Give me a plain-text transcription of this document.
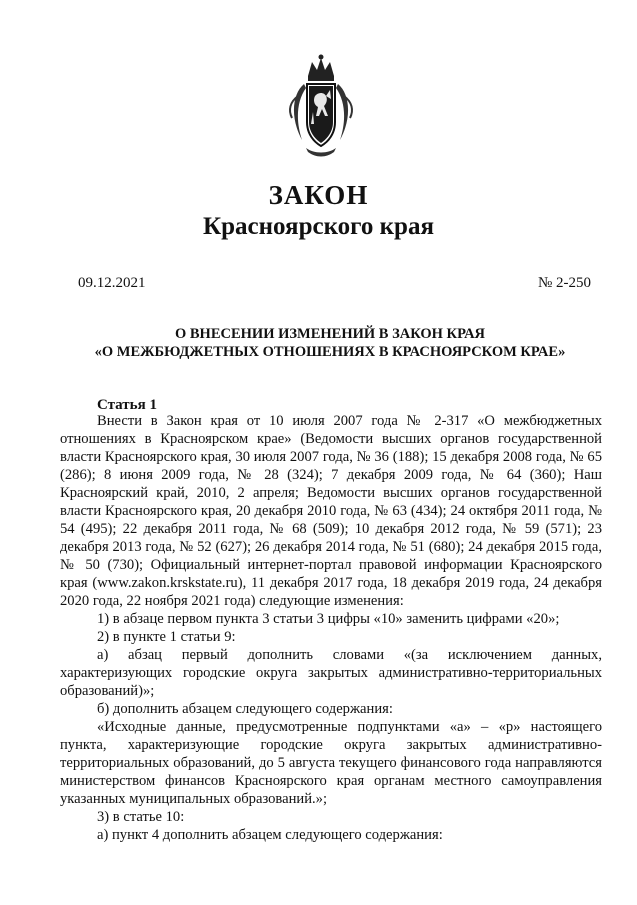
ЗАКОН
Красноярского края
09.12.2021	№ 2-250
О ВНЕСЕНИИ ИЗМЕНЕНИЙ В ЗАКОН КРАЯ
«О МЕЖБЮДЖЕТНЫХ ОТНОШЕНИЯХ В КРАСНОЯРСКОМ КРАЕ»
Статья 1

Внести в Закон края от 10 июля 2007 года № 2-317 «О межбюджетных отношениях в Красноярском крае» (Ведомости высших органов государственной власти Красноярского края, 30 июля 2007 года, № 36 (188); 15 декабря 2008 года, № 65 (286); 8 июня 2009 года, № 28 (324); 7 декабря 2009 года, № 64 (360); Наш Красноярский край, 2010, 2 апреля; Ведомости высших органов государственной власти Красноярского края, 20 декабря 2010 года, № 63 (434); 24 октября 2011 года, № 54 (495); 22 декабря 2011 года, № 68 (509); 10 декабря 2012 года, № 59 (571); 23 декабря 2013 года, № 52 (627); 26 декабря 2014 года, № 51 (680); 24 декабря 2015 года, № 50 (730); Официальный интернет-портал правовой информации Красноярского края (www.zakon.krskstate.ru), 11 декабря 2017 года, 18 декабря 2019 года, 24 декабря 2020 года, 22 ноября 2021 года) следующие изменения:

1) в абзаце первом пункта 3 статьи 3 цифры «10» заменить цифрами «20»;

2) в пункте 1 статьи 9:

а) абзац первый дополнить словами «(за исключением данных, характеризующих городские округа закрытых административно-территориальных образований)»;

б) дополнить абзацем следующего содержания:

«Исходные данные, предусмотренные подпунктами «а» – «р» настоящего пункта, характеризующие городские округа закрытых административно-территориальных образований, до 5 августа текущего финансового года направляются министерством финансов Красноярского края органам местного самоуправления указанных муниципальных образований.»;

3) в статье 10:

а) пункт 4 дополнить абзацем следующего содержания:
